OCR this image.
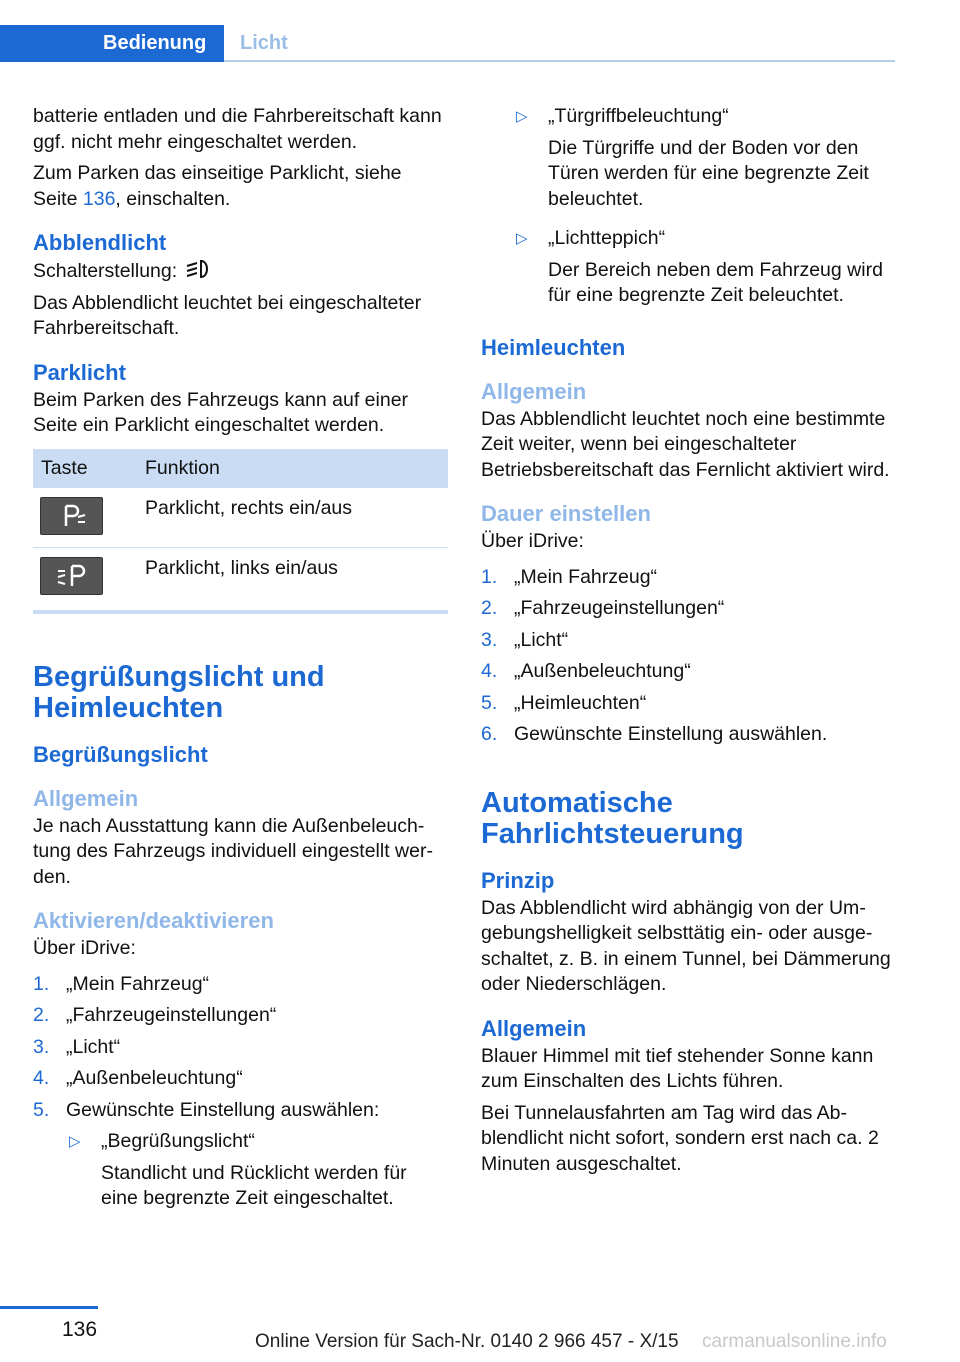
Bedienung	Licht

batterie entladen und die Fahrbereitschaft kann ggf. nicht mehr eingeschaltet werden.

Zum Parken das einseitige Parklicht, siehe Seite 136, einschalten.

Abblendlicht

Schalterstellung:

Das Abblendlicht leuchtet bei eingeschalteter Fahrbereitschaft.

Parklicht

Beim Parken des Fahrzeugs kann auf einer Seite ein Parklicht eingeschaltet werden.

Taste	Funktion

	Parklicht, rechts ein/aus

	Parklicht, links ein/aus
Begrüßungslicht und Heimleuchten
Begrüßungslicht
Allgemein

Je nach Ausstattung kann die Außenbeleuchtung des Fahrzeugs individuell eingestellt werden.

Aktivieren/deaktivieren

Über iDrive:

1. „Mein Fahrzeug“
2. „Fahrzeugeinstellungen“
3. „Licht“
4. „Außenbeleuchtung“
5. Gewünschte Einstellung auswählen:
▷ „Begrüßungslicht“
Standlicht und Rücklicht werden für eine begrenzte Zeit eingeschaltet.
▷ „Türgriffbeleuchtung“
Die Türgriffe und der Boden vor den Türen werden für eine begrenzte Zeit beleuchtet.
▷ „Lichtteppich“
Der Bereich neben dem Fahrzeug wird für eine begrenzte Zeit beleuchtet.
Heimleuchten
Allgemein

Das Abblendlicht leuchtet noch eine bestimmte Zeit weiter, wenn bei eingeschalteter Betriebsbereitschaft das Fernlicht aktiviert wird.

Dauer einstellen

Über iDrive:

1. „Mein Fahrzeug“
2. „Fahrzeugeinstellungen“
3. „Licht“
4. „Außenbeleuchtung“
5. „Heimleuchten“
6. Gewünschte Einstellung auswählen.
Automatische Fahrlichtsteuerung
Prinzip

Das Abblendlicht wird abhängig von der Umgebungshelligkeit selbsttätig ein- oder ausgeschaltet, z. B. in einem Tunnel, bei Dämmerung oder Niederschlägen.

Allgemein

Blauer Himmel mit tief stehender Sonne kann zum Einschalten des Lichts führen.

Bei Tunnelausfahrten am Tag wird das Abblendlicht nicht sofort, sondern erst nach ca. 2 Minuten ausgeschaltet.

136
Online Version für Sach-Nr. 0140 2 966 457 - X/15 carmanualsonline.info
